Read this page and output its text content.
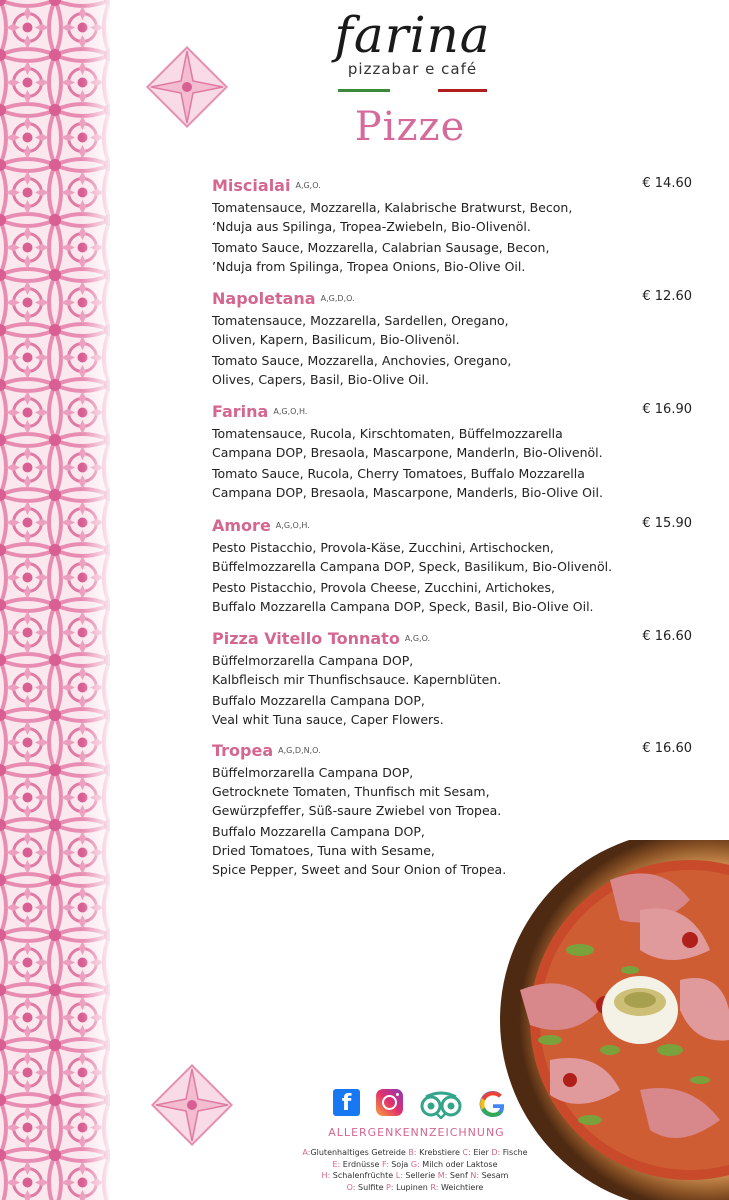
farina
pizzabar e café
Pizze
Miscialai A,G,O.	€ 14.60
Tomatensauce, Mozzarella, Kalabrische Bratwurst, Becon,
‘Nduja aus Spilinga, Tropea-Zwiebeln, Bio-Olivenöl.
Tomato Sauce, Mozzarella, Calabrian Sausage, Becon,
’Nduja from Spilinga, Tropea Onions, Bio-Olive Oil.
Napoletana A,G,D,O.	€ 12.60
Tomatensauce, Mozzarella, Sardellen, Oregano,
Oliven, Kapern, Basilicum, Bio-Olivenöl.
Tomato Sauce, Mozzarella, Anchovies, Oregano,
Olives, Capers, Basil, Bio-Olive Oil.
Farina A,G,O,H.	€ 16.90
Tomatensauce, Rucola, Kirschtomaten, Büffelmozzarella
Campana DOP, Bresaola, Mascarpone, Manderln, Bio-Olivenöl.
Tomato Sauce, Rucola, Cherry Tomatoes, Buffalo Mozzarella
Campana DOP, Bresaola, Mascarpone, Manderls, Bio-Olive Oil.
Amore A,G,O,H.	€ 15.90
Pesto Pistacchio, Provola-Käse, Zucchini, Artischocken,
Büffelmozzarella Campana DOP, Speck, Basilikum, Bio-Olivenöl.
Pesto Pistacchio, Provola Cheese, Zucchini, Artichokes,
Buffalo Mozzarella Campana DOP, Speck, Basil, Bio-Olive Oil.
Pizza Vitello Tonnato A,G,O.	€ 16.60
Büffelmorzarella Campana DOP,
Kalbfleisch mir Thunfischsauce. Kapernblüten.
Buffalo Mozzarella Campana DOP,
Veal whit Tuna sauce, Caper Flowers.
Tropea A,G,D,N,O.	€ 16.60
Büffelmorzarella Campana DOP,
Getrocknete Tomaten, Thunfisch mit Sesam,
Gewürzpfeffer, Süß-saure Zwiebel von Tropea.
Buffalo Mozzarella Campana DOP,
Dried Tomatoes, Tuna with Sesame,
Spice Pepper, Sweet and Sour Onion of Tropea.
f
ALLERGENKENNZEICHNUNG
A:Glutenhaltiges Getreide B: Krebstiere C: Eier D: Fische
E: Erdnüsse F: Soja G: Milch oder Laktose
H: Schalenfrüchte L: Sellerie M: Senf N: Sesam
O: Sulfite P: Lupinen R: Weichtiere
